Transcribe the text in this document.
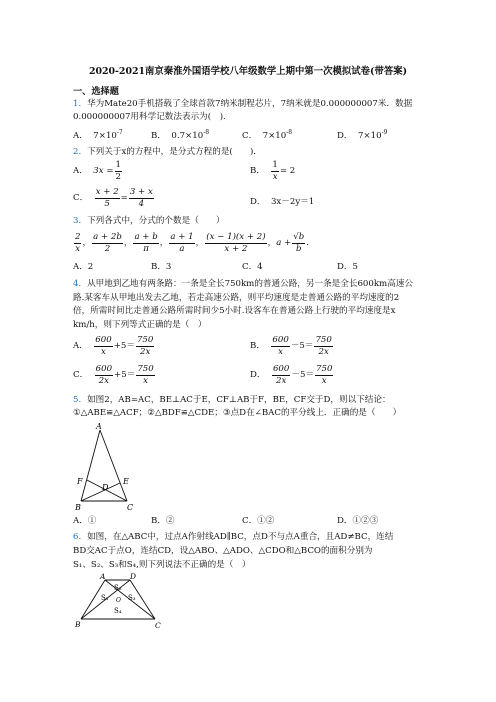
2020-2021南京秦淮外国语学校八年级数学上期中第一次模拟试卷(带答案)
一、选择题
1．华为Mate20手机搭载了全球首款7纳米制程芯片，7纳米就是0.000000007米．数据
0.000000007用科学记数法表示为(　).
A． $7\times 10^{-7}$	B． $0.7\times 10^{-8}$	C． $7\times 10^{-8}$	D． $7\times 10^{-9}$
2．下列关于x的方程中，是分式方程的是(　　)．
A．
$3x = \frac{1}{2}$	B．
$\frac{1}{x} = 2$
C．
$\frac{x + 2}{5} = \frac{3 + x}{4}$	D． 3x－2y＝1
3．下列各式中，分式的个数是（　　）
$\frac{2}{x}$ ， $\frac{a + 2b}{2}$ ， $\frac{a + b}{\pi}$ ， $\frac{a + 1}{a}$ ， $\frac{(x - 1)(x + 2)}{x + 2}$ ， $a + \frac{√b}{b}$ ．
A．2	B．3	C．4	D．5
4．从甲地到乙地有两条路：一条是全长750km的普通公路，另一条是全长600km高速公
路.某客车从甲地出发去乙地，若走高速公路，则平均速度是走普通公路的平均速度的2
倍，所需时间比走普通公路所需时间少5小时.设客车在普通公路上行驶的平均速度是x
km/h，则下列等式正确的是（　）
A．
$\frac{600}{x} +5= \frac{750}{2x}$	B．
$\frac{600}{x} -5= \frac{750}{2x}$
C．
$\frac{600}{2x} +5= \frac{750}{x}$	D．
$\frac{600}{2x} -5= \frac{750}{x}$
5．如图2，AB=AC，BE⊥AC于E，CF⊥AB于F，BE，CF交于D，则以下结论：
①△ABE≌△ACF；②△BDF≌△CDE；③点D在∠BAC的平分线上．正确的是（　　）
A
F	E
D
B	C
A．①	B．②	C．①②	D．①②③
6．如图，在△ABC中，过点A作射线AD∥BC，点D不与点A重合，且AD≠BC，连结
BD交AC于点O，连结CD，设△ABO、△ADO、△CDO和△BCO的面积分别为
S₁、S₂、S₃和S₄,则下列说法不正确的是（　）
A	D
B	C
O
S₂
S₁	S₃
S₄
